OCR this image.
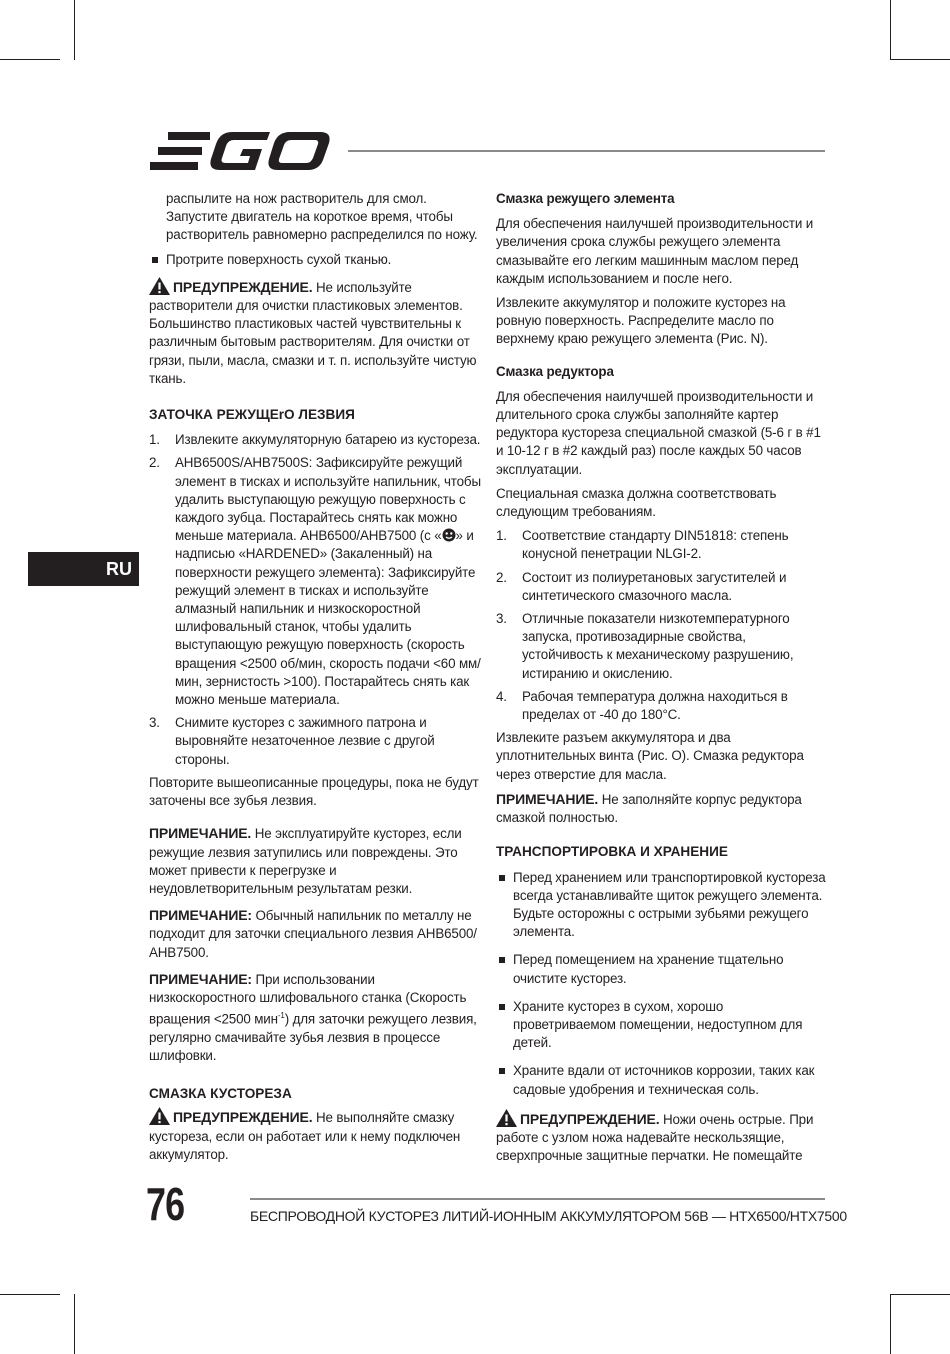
RU

распылите на нож растворитель для смол. Запустите двигатель на короткое время, чтобы растворитель равномерно распределился по ножу.

Протрите поверхность сухой тканью.

ПРЕДУПРЕЖДЕНИЕ. Не используйте растворители для очистки пластиковых элементов. Большинство пластиковых частей чувствительны к различным бытовым растворителям. Для очистки от грязи, пыли, масла, смазки и т. п. используйте чистую ткань.

ЗАТОЧКА РЕЖУЩЕrО ЛЕЗВИЯ
1. Извлеките аккумуляторную батарею из кустореза.
2. AHB6500S/AHB7500S: Зафиксируйте режущий элемент в тисках и используйте напильник, чтобы удалить выступающую режущую поверхность с каждого зубца. Постарайтесь снять как можно меньше материала. AHB6500/AHB7500 (с « » и надписью «HARDENED» (Закаленный) на поверхности режущего элемента): Зафиксируйте режущий элемент в тисках и используйте алмазный напильник и низкоскоростной шлифовальный станок, чтобы удалить выступающую режущую поверхность (скорость вращения <2500 об/мин, скорость подачи <60 мм/мин, зернистость >100). Постарайтесь снять как можно меньше материала.
3. Снимите кусторез с зажимного патрона и выровняйте незаточенное лезвие с другой стороны.

Повторите вышеописанные процедуры, пока не будут заточены все зубья лезвия.

ПРИМЕЧАНИЕ. Не эксплуатируйте кусторез, если режущие лезвия затупились или повреждены. Это может привести к перегрузке и неудовлетворительным результатам резки.

ПРИМЕЧАНИЕ: Обычный напильник по металлу не подходит для заточки специального лезвия AHB6500/ AHB7500.

ПРИМЕЧАНИЕ: При использовании низкоскоростного шлифовального станка (Скорость вращения <2500 мин$^{-1}$) для заточки режущего лезвия, регулярно смачивайте зубья лезвия в процессе шлифовки.

СМАЗКА КУСТОРЕЗА

ПРЕДУПРЕЖДЕНИЕ. Не выполняйте смазку кустореза, если он работает или к нему подключен аккумулятор.

Смазка режущего элемента

Для обеспечения наилучшей производительности и увеличения срока службы режущего элемента смазывайте его легким машинным маслом перед каждым использованием и после него.

Извлеките аккумулятор и положите кусторез на ровную поверхность. Распределите масло по верхнему краю режущего элемента (Рис. N).

Смазка редуктора

Для обеспечения наилучшей производительности и длительного срока службы заполняйте картер редуктора кустореза специальной смазкой (5-6 г в #1 и 10-12 г в #2 каждый раз) после каждых 50 часов эксплуатации.

Специальная смазка должна соответствовать следующим требованиям.

1. Соответствие стандарту DIN51818: степень конусной пенетрации NLGI-2.
2. Состоит из полиуретановых загустителей и синтетического смазочного масла.
3. Отличные показатели низкотемпературного запуска, противозадирные свойства, устойчивость к механическому разрушению, истиранию и окислению.
4. Рабочая температура должна находиться в пределах от -40 до 180°C.

Извлеките разъем аккумулятора и два уплотнительных винта (Рис. O). Смазка редуктора через отверстие для масла.

ПРИМЕЧАНИЕ. Не заполняйте корпус редуктора смазкой полностью.

ТРАНСПОРТИРОВКА И ХРАНЕНИЕ
Перед хранением или транспортировкой кустореза всегда устанавливайте щиток режущего элемента. Будьте осторожны с острыми зубьями режущего элемента.
Перед помещением на хранение тщательно очистите кусторез.
Храните кусторез в сухом, хорошо проветриваемом помещении, недоступном для детей.
Храните вдали от источников коррозии, таких как садовые удобрения и техническая соль.

ПРЕДУПРЕЖДЕНИЕ. Ножи очень острые. При работе с узлом ножа надевайте нескользящие, сверхпрочные защитные перчатки. Не помещайте

76	БЕСПРОВОДНОЙ КУСТОРЕЗ ЛИТИЙ-ИОННЫМ АККУМУЛЯТОРОМ 56В — HTX6500/HTX7500
